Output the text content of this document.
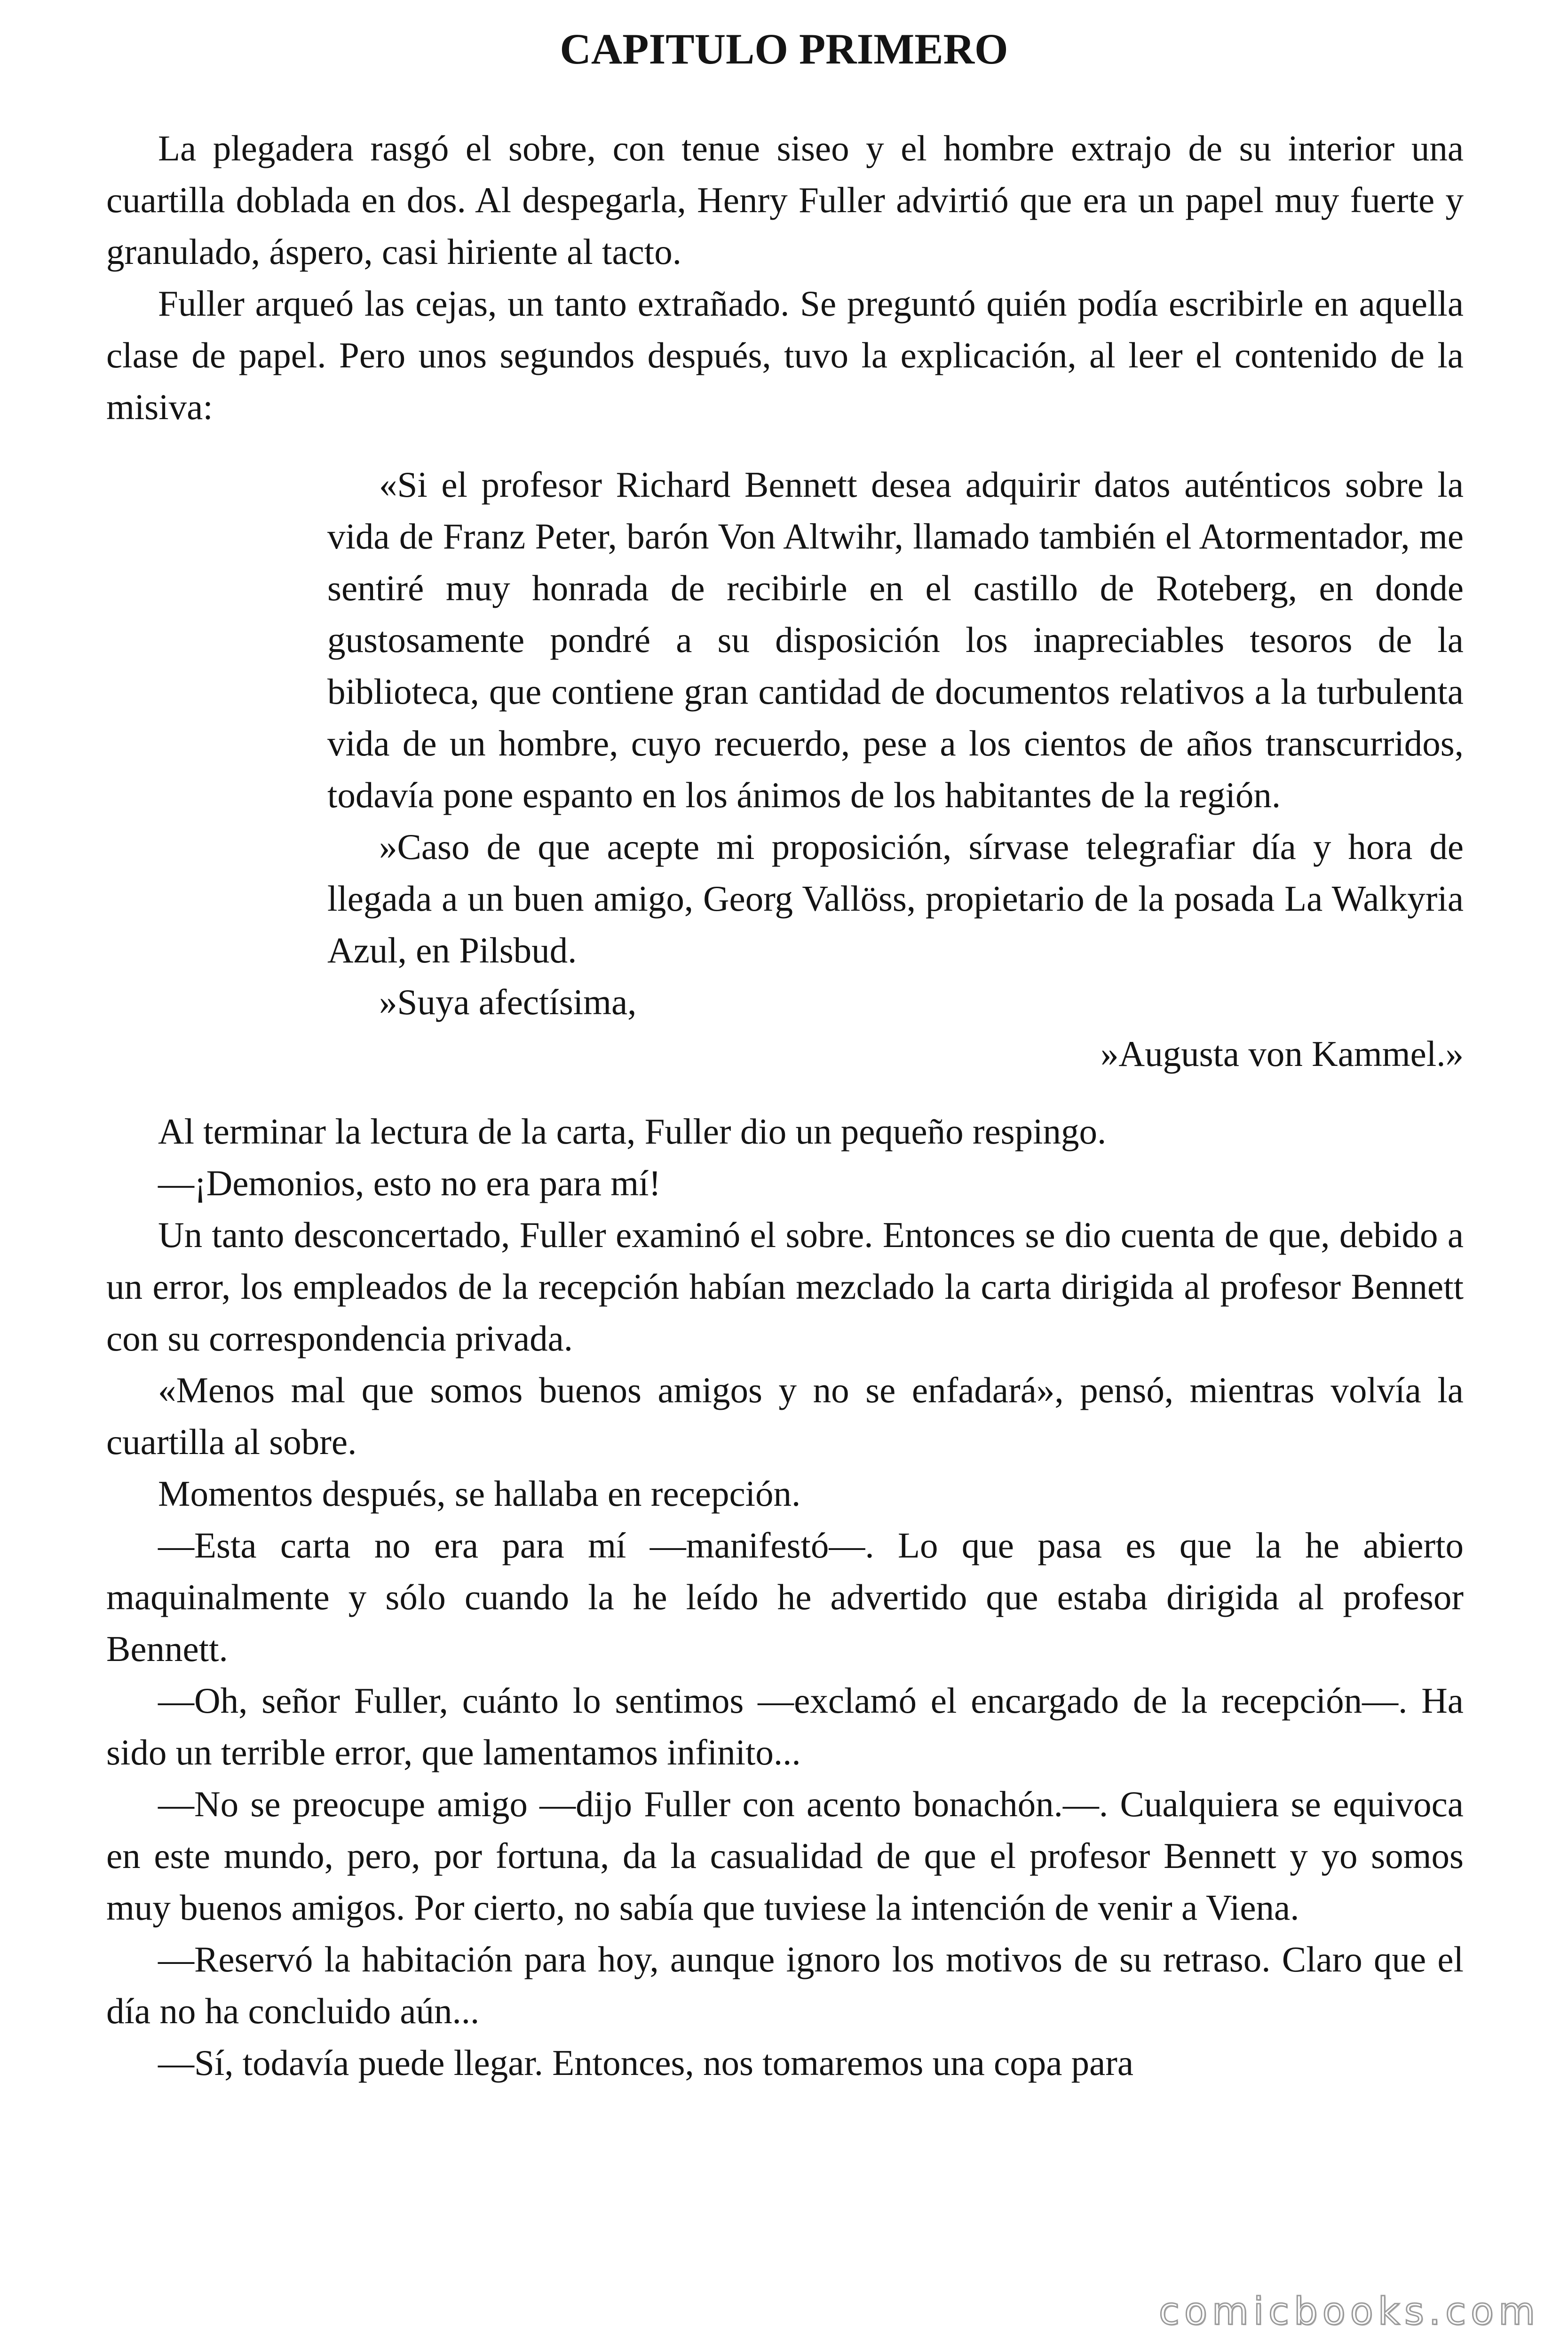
CAPITULO PRIMERO

La plegadera rasgó el sobre, con tenue siseo y el hombre extrajo de su interior una cuartilla doblada en dos. Al despegarla, Henry Fuller advirtió que era un papel muy fuerte y granulado, áspero, casi hiriente al tacto.

Fuller arqueó las cejas, un tanto extrañado. Se preguntó quién podía escribirle en aquella clase de papel. Pero unos segundos después, tuvo la explicación, al leer el contenido de la misiva:

«Si el profesor Richard Bennett desea adquirir datos auténticos sobre la vida de Franz Peter, barón Von Altwihr, llamado también el Atormentador, me sentiré muy honrada de recibirle en el castillo de Roteberg, en donde gustosamente pondré a su disposición los inapreciables tesoros de la biblioteca, que contiene gran cantidad de documentos relativos a la turbulenta vida de un hombre, cuyo recuerdo, pese a los cientos de años transcurridos, todavía pone espanto en los ánimos de los habitantes de la región.

»Caso de que acepte mi proposición, sírvase telegrafiar día y hora de llegada a un buen amigo, Georg Vallöss, propietario de la posada La Walkyria Azul, en Pilsbud.

»Suya afectísima,

»Augusta von Kammel.»

Al terminar la lectura de la carta, Fuller dio un pequeño respingo.

—¡Demonios, esto no era para mí!

Un tanto desconcertado, Fuller examinó el sobre. Entonces se dio cuenta de que, debido a un error, los empleados de la recepción habían mezclado la carta dirigida al profesor Bennett con su correspondencia privada.

«Menos mal que somos buenos amigos y no se enfadará», pensó, mientras volvía la cuartilla al sobre.

Momentos después, se hallaba en recepción.

—Esta carta no era para mí —manifestó—. Lo que pasa es que la he abierto maquinalmente y sólo cuando la he leído he advertido que estaba dirigida al profesor Bennett.

—Oh, señor Fuller, cuánto lo sentimos —exclamó el encargado de la recepción—. Ha sido un terrible error, que lamentamos infinito...

—No se preocupe amigo —dijo Fuller con acento bonachón.—. Cualquiera se equivoca en este mundo, pero, por fortuna, da la casualidad de que el profesor Bennett y yo somos muy buenos amigos. Por cierto, no sabía que tuviese la intención de venir a Viena.

—Reservó la habitación para hoy, aunque ignoro los motivos de su retraso. Claro que el día no ha concluido aún...

—Sí, todavía puede llegar. Entonces, nos tomaremos una copa para

comicbooks.com
